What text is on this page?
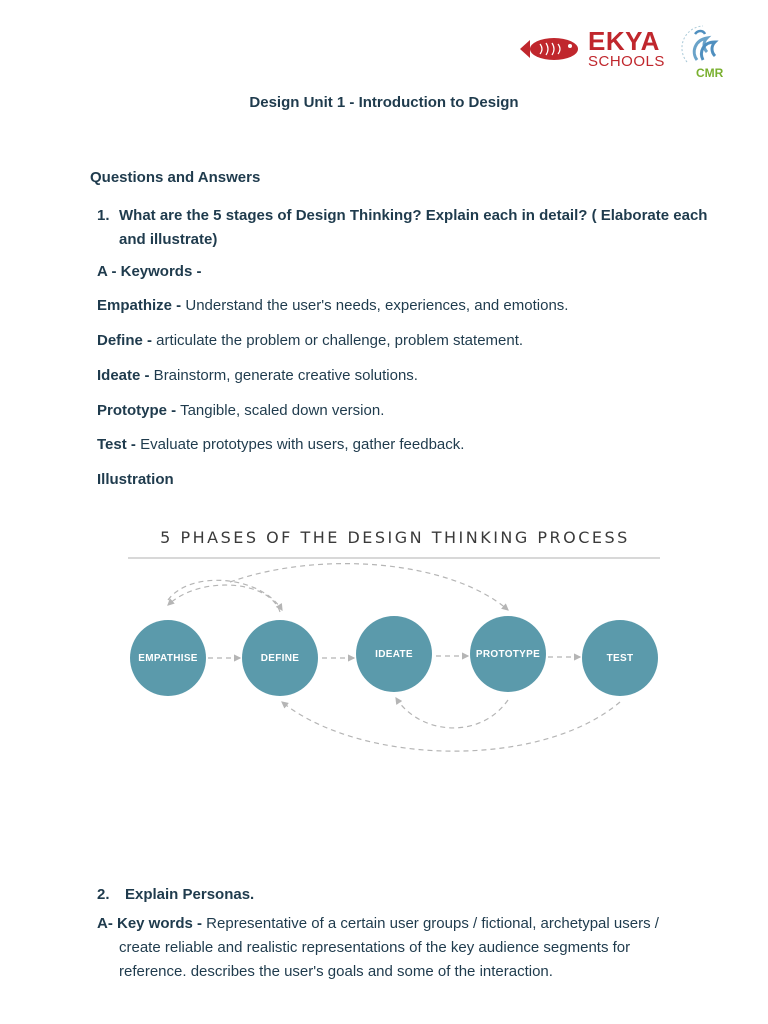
EKYA
SCHOOLS
CMR
Design Unit 1 - Introduction to Design
Questions and Answers
1. What are the 5 stages of Design Thinking? Explain each in detail? ( Elaborate each
and illustrate)
A - Keywords -
Empathize - Understand the user's needs, experiences, and emotions.
Define - articulate the problem or challenge, problem statement.
Ideate - Brainstorm, generate creative solutions.
Prototype - Tangible, scaled down version.
Test - Evaluate prototypes with users, gather feedback.
Illustration
5 PHASES OF THE DESIGN THINKING PROCESS
EMPATHISE	DEFINE	IDEATE	PROTOTYPE	TEST
2. Explain Personas.
A- Key words - Representative of a certain user groups / fictional, archetypal users /
create reliable and realistic representations of the key audience segments for
reference. describes the user's goals and some of the interaction.
